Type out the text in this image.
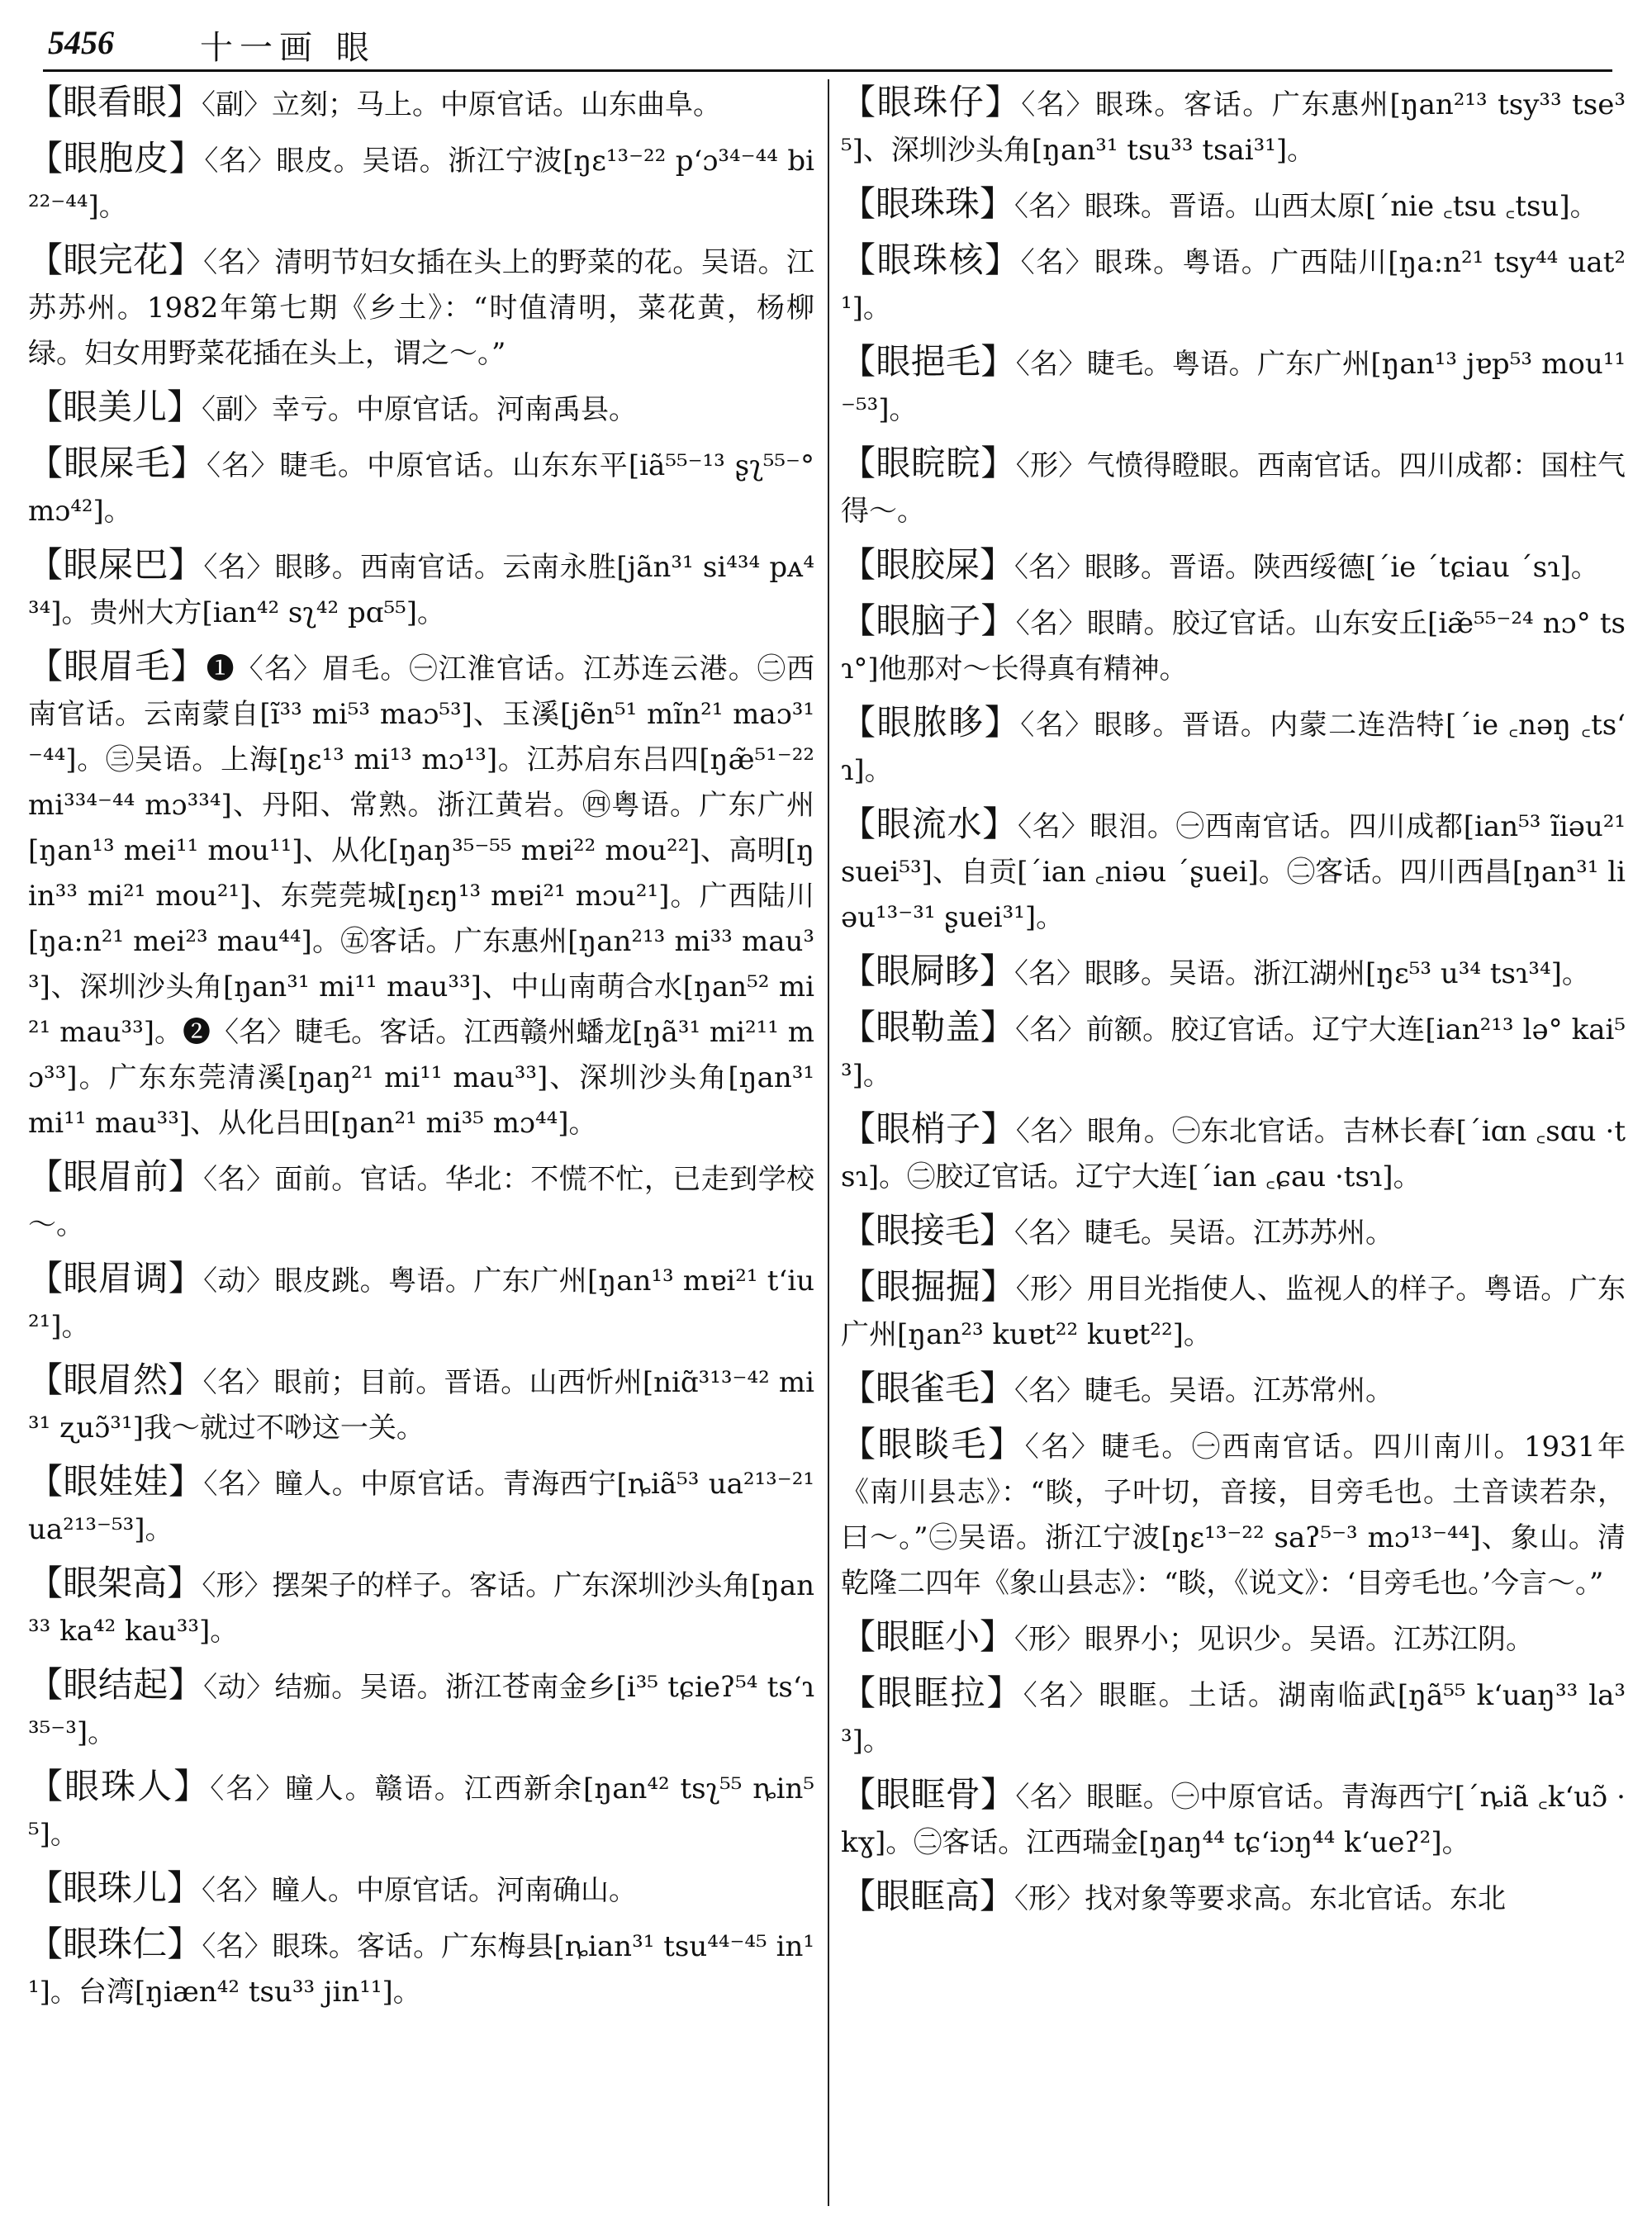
5456	十一画 眼

【眼看眼】〈副〉立刻；马上。中原官话。山东曲阜。

【眼胞皮】〈名〉眼皮。吴语。浙江宁波[ŋɛ¹³⁻²² pʻɔ³⁴⁻⁴⁴ bi²²⁻⁴⁴]。

【眼完花】〈名〉清明节妇女插在头上的野菜的花。吴语。江苏苏州。1982年第七期《乡土》：“时值清明，菜花黄，杨柳绿。妇女用野菜花插在头上，谓之～。”

【眼美儿】〈副〉幸亏。中原官话。河南禹县。

【眼屎毛】〈名〉睫毛。中原官话。山东东平[iã⁵⁵⁻¹³ ʂʅ⁵⁵⁻° mɔ⁴²]。

【眼屎巴】〈名〉眼眵。西南官话。云南永胜[jãn³¹ si⁴³⁴ pᴀ⁴³⁴]。贵州大方[ian⁴² sʅ⁴² pɑ⁵⁵]。

【眼眉毛】❶〈名〉眉毛。㊀江淮官话。江苏连云港。㊁西南官话。云南蒙自[ĩ³³ mi⁵³ maɔ⁵³]、玉溪[jẽn⁵¹ mĩn²¹ maɔ³¹⁻⁴⁴]。㊂吴语。上海[ŋɛ¹³ mi¹³ mɔ¹³]。江苏启东吕四[ŋæ̃⁵¹⁻²² mi³³⁴⁻⁴⁴ mɔ³³⁴]、丹阳、常熟。浙江黄岩。㊃粤语。广东广州[ŋan¹³ mei¹¹ mou¹¹]、从化[ŋaŋ³⁵⁻⁵⁵ mɐi²² mou²²]、高明[ŋin³³ mi²¹ mou²¹]、东莞莞城[ŋɛŋ¹³ mɐi²¹ mɔu²¹]。广西陆川[ŋa:n²¹ mei²³ mau⁴⁴]。㊄客话。广东惠州[ŋan²¹³ mi³³ mau³³]、深圳沙头角[ŋan³¹ mi¹¹ mau³³]、中山南萌合水[ŋan⁵² mi²¹ mau³³]。❷〈名〉睫毛。客话。江西赣州蟠龙[ŋã³¹ mi²¹¹ mɔ³³]。广东东莞清溪[ŋaŋ²¹ mi¹¹ mau³³]、深圳沙头角[ŋan³¹ mi¹¹ mau³³]、从化吕田[ŋan²¹ mi³⁵ mɔ⁴⁴]。

【眼眉前】〈名〉面前。官话。华北：不慌不忙，已走到学校～。

【眼眉调】〈动〉眼皮跳。粤语。广东广州[ŋan¹³ mɐi²¹ tʻiu²¹]。

【眼眉然】〈名〉眼前；目前。晋语。山西忻州[niɑ̃³¹³⁻⁴² mi³¹ ʐuɔ̃³¹]我～就过不唦这一关。

【眼娃娃】〈名〉瞳人。中原官话。青海西宁[ȵiã⁵³ ua²¹³⁻²¹ ua²¹³⁻⁵³]。

【眼架高】〈形〉摆架子的样子。客话。广东深圳沙头角[ŋan³³ ka⁴² kau³³]。

【眼结起】〈动〉结痂。吴语。浙江苍南金乡[i³⁵ tɕieʔ⁵⁴ tsʻɿ³⁵⁻³]。

【眼珠人】〈名〉瞳人。赣语。江西新余[ŋan⁴² tsʅ⁵⁵ ȵin⁵⁵]。

【眼珠儿】〈名〉瞳人。中原官话。河南确山。

【眼珠仁】〈名〉眼珠。客话。广东梅县[ȵian³¹ tsu⁴⁴⁻⁴⁵ in¹¹]。台湾[ŋiæn⁴² tsu³³ jin¹¹]。

【眼珠仔】〈名〉眼珠。客话。广东惠州[ŋan²¹³ tsy³³ tse³⁵]、深圳沙头角[ŋan³¹ tsu³³ tsai³¹]。

【眼珠珠】〈名〉眼珠。晋语。山西太原[ˊnie ꜀tsu ꜀tsu]。

【眼珠核】〈名〉眼珠。粤语。广西陆川[ŋa:n²¹ tsy⁴⁴ uat²¹]。

【眼挹毛】〈名〉睫毛。粤语。广东广州[ŋan¹³ jɐp⁵³ mou¹¹⁻⁵³]。

【眼睆睆】〈形〉气愤得瞪眼。西南官话。四川成都：国柱气得～。

【眼胶屎】〈名〉眼眵。晋语。陕西绥德[ˊie ˊtɕiau ˊsɿ]。

【眼脑子】〈名〉眼睛。胶辽官话。山东安丘[iæ̃⁵⁵⁻²⁴ nɔ° tsɿ°]他那对～长得真有精神。

【眼脓眵】〈名〉眼眵。晋语。内蒙二连浩特[ˊie ꜀nəŋ ꜀tsʻɿ]。

【眼流水】〈名〉眼泪。㊀西南官话。四川成都[ian⁵³ ĩiəu²¹ suei⁵³]、自贡[ˊian ꜀niəu ˊʂuei]。㊁客话。四川西昌[ŋan³¹ liəu¹³⁻³¹ ʂuei³¹]。

【眼屙眵】〈名〉眼眵。吴语。浙江湖州[ŋɛ⁵³ u³⁴ tsɿ³⁴]。

【眼勒盖】〈名〉前额。胶辽官话。辽宁大连[ian²¹³ lə° kai⁵³]。

【眼梢子】〈名〉眼角。㊀东北官话。吉林长春[ˊiɑn ꜀sɑu ·tsɿ]。㊁胶辽官话。辽宁大连[ˊian ꜀ɕau ·tsɿ]。

【眼接毛】〈名〉睫毛。吴语。江苏苏州。

【眼掘掘】〈形〉用目光指使人、监视人的样子。粤语。广东广州[ŋan²³ kuɐt²² kuɐt²²]。

【眼雀毛】〈名〉睫毛。吴语。江苏常州。

【眼睒毛】〈名〉睫毛。㊀西南官话。四川南川。1931年《南川县志》：“睒，子叶切，音接，目旁毛也。土音读若杂，曰～。”㊁吴语。浙江宁波[ŋɛ¹³⁻²² saʔ⁵⁻³ mɔ¹³⁻⁴⁴]、象山。清乾隆二四年《象山县志》：“睒，《说文》：‘目旁毛也。’今言～。”

【眼眶小】〈形〉眼界小；见识少。吴语。江苏江阴。

【眼眶拉】〈名〉眼眶。土话。湖南临武[ŋã⁵⁵ kʻuaŋ³³ la³³]。

【眼眶骨】〈名〉眼眶。㊀中原官话。青海西宁[ˊȵiã ꜀kʻuɔ̃ ·kɣ]。㊁客话。江西瑞金[ŋaŋ⁴⁴ tɕʻiɔŋ⁴⁴ kʻueʔ²]。

【眼眶高】〈形〉找对象等要求高。东北官话。东北
